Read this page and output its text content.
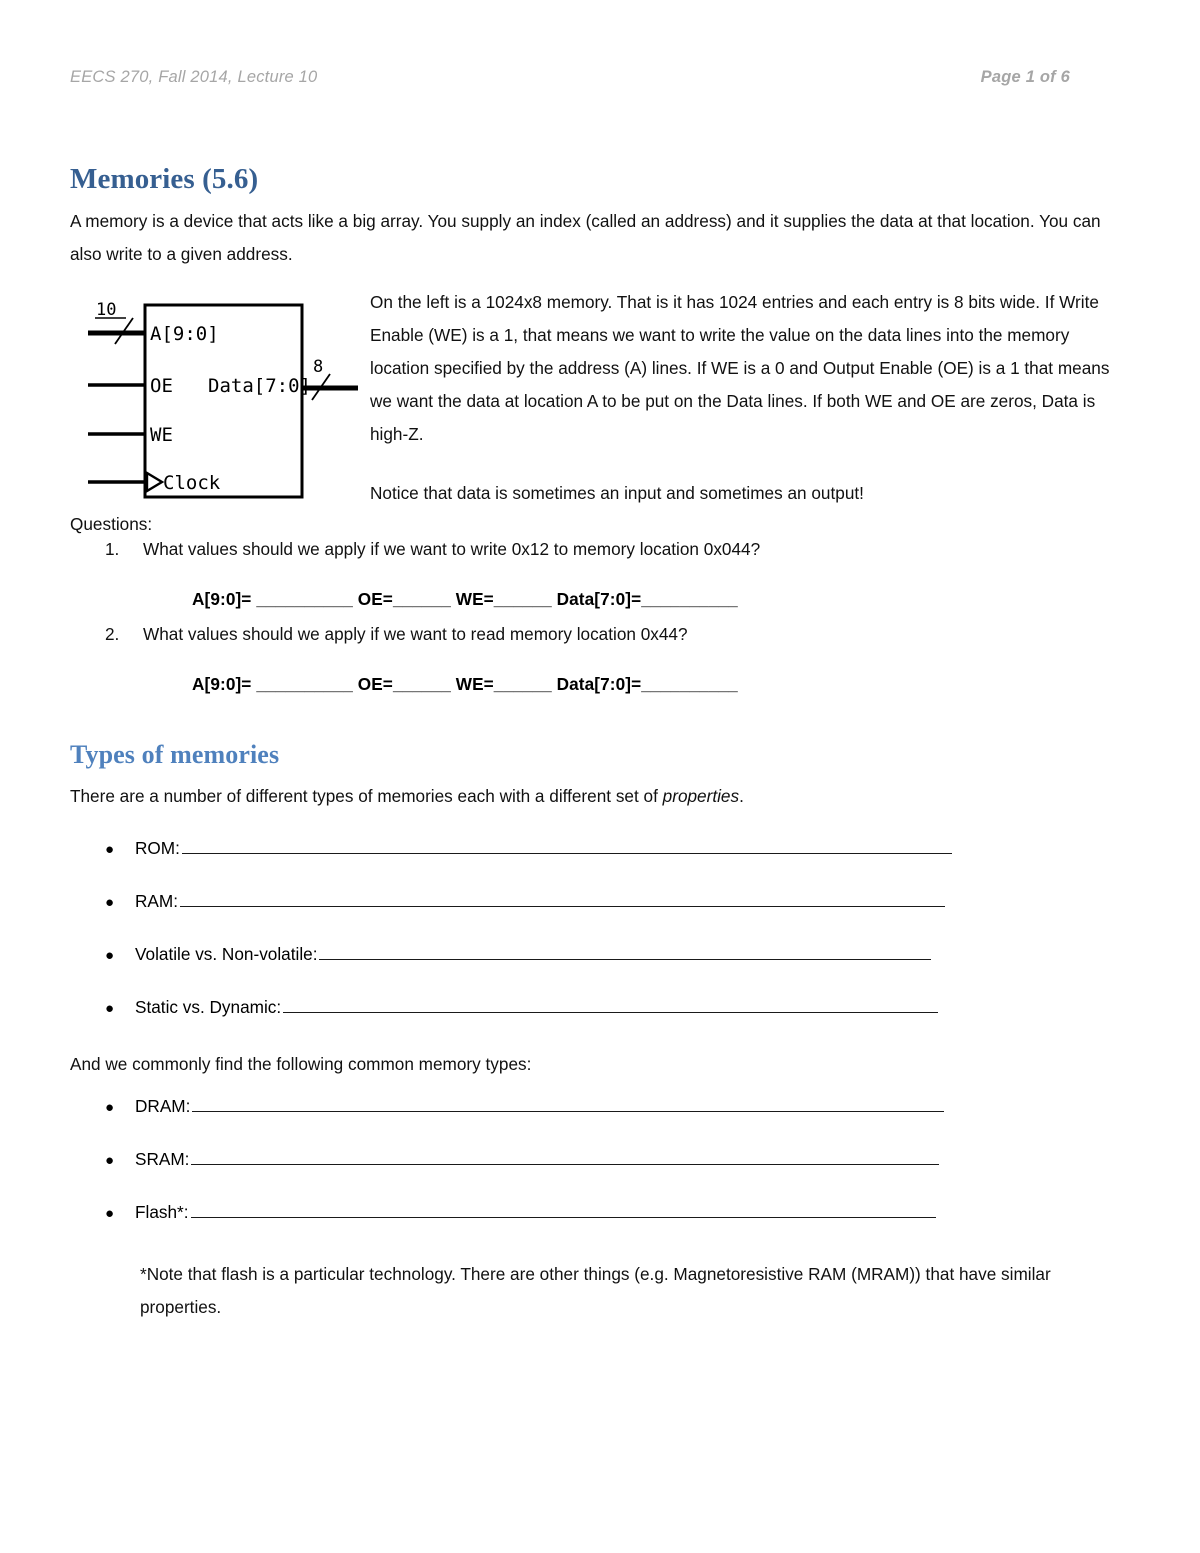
EECS 270, Fall 2014, Lecture 10	Page 1 of 6
Memories (5.6)
A memory is a device that acts like a big array. You supply an index (called an address) and it supplies the data at that location. You can also write to a given address.
10
8
A[9:0]
OE
WE
Clock
Data[7:0]

On the left is a 1024x8 memory. That is it has 1024 entries and each entry is 8 bits wide. If Write Enable (WE) is a 1, that means we want to write the value on the data lines into the memory location specified by the address (A) lines. If WE is a 0 and Output Enable (OE) is a 1 that means we want the data at location A to be put on the Data lines. If both WE and OE are zeros, Data is high-Z.

Notice that data is sometimes an input and sometimes an output!

Questions:
1.	What values should we apply if we want to write 0x12 to memory location 0x044?
A[9:0]= __________ OE=______ WE=______ Data[7:0]=__________
2.	What values should we apply if we want to read memory location 0x44?
A[9:0]= __________ OE=______ WE=______ Data[7:0]=__________
Types of memories
There are a number of different types of memories each with a different set of properties.
●	ROM:
●	RAM:
●	Volatile vs. Non-volatile:
●	Static vs. Dynamic:
And we commonly find the following common memory types:
●	DRAM:
●	SRAM:
●	Flash*:
*Note that flash is a particular technology. There are other things (e.g. Magnetoresistive RAM (MRAM)) that have similar properties.
